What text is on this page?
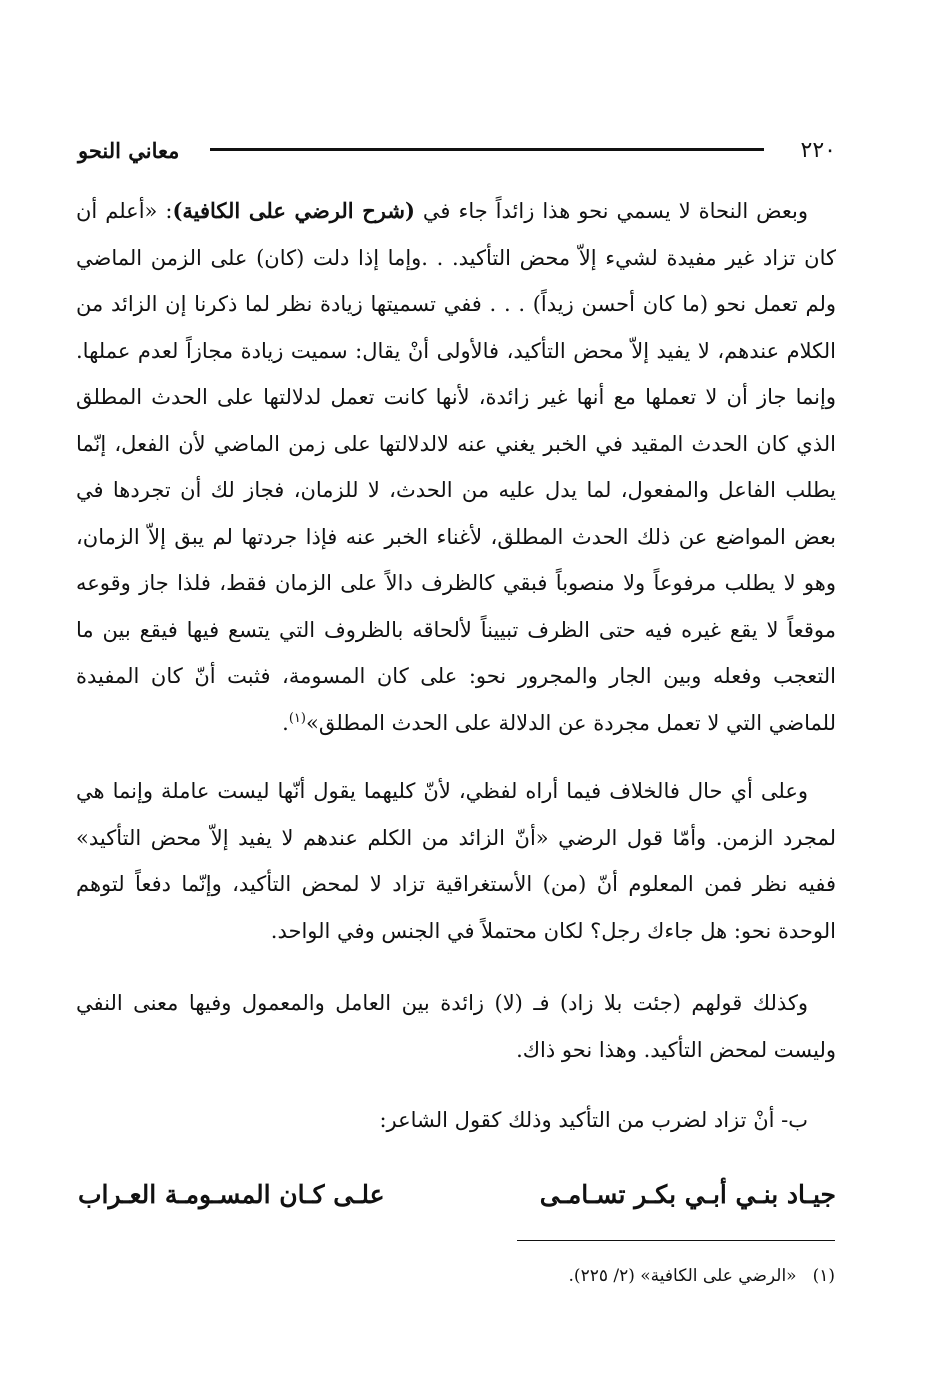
٢٢٠
معاني النحو

وبعض النحاة لا يسمي نحو هذا زائداً جاء في (شرح الرضي على الكافية): «أعلم أن كان تزاد غير مفيدة لشيء إلاّ محض التأكيد. . .وإما إذا دلت (كان) على الزمن الماضي ولم تعمل نحو (ما كان أحسن زيداً) . . . ففي تسميتها زيادة نظر لما ذكرنا إن الزائد من الكلام عندهم، لا يفيد إلاّ محض التأكيد، فالأولى أنْ يقال: سميت زيادة مجازاً لعدم عملها. وإنما جاز أن لا تعملها مع أنها غير زائدة، لأنها كانت تعمل لدلالتها على الحدث المطلق الذي كان الحدث المقيد في الخبر يغني عنه لالدلالتها على زمن الماضي لأن الفعل، إنّما يطلب الفاعل والمفعول، لما يدل عليه من الحدث، لا للزمان، فجاز لك أن تجردها في بعض المواضع عن ذلك الحدث المطلق، لأغناء الخبر عنه فإذا جردتها لم يبق إلاّ الزمان، وهو لا يطلب مرفوعاً ولا منصوباً فبقي كالظرف دالاً على الزمان فقط، فلذا جاز وقوعه موقعاً لا يقع غيره فيه حتى الظرف تبييناً لألحاقه بالظروف التي يتسع فيها فيقع بين ما التعجب وفعله وبين الجار والمجرور نحو: على كان المسومة، فثبت أنّ كان المفيدة للماضي التي لا تعمل مجردة عن الدلالة على الحدث المطلق»$^{(١)}$.

وعلى أي حال فالخلاف فيما أراه لفظي، لأنّ كليهما يقول أنّها ليست عاملة وإنما هي لمجرد الزمن. وأمّا قول الرضي «أنّ الزائد من الكلم عندهم لا يفيد إلاّ محض التأكيد» ففيه نظر فمن المعلوم أنّ (من) الأستغراقية تزاد لا لمحض التأكيد، وإنّما دفعاً لتوهم الوحدة نحو: هل جاءك رجل؟ لكان محتملاً في الجنس وفي الواحد.

وكذلك قولهم (جئت بلا زاد) فـ (لا) زائدة بين العامل والمعمول وفيها معنى النفي وليست لمحض التأكيد. وهذا نحو ذاك.

ب- أنْ تزاد لضرب من التأكيد وذلك كقول الشاعر:

جيـاد بنـي أبـي بكـر تسـامـى
علـى كـان المسـومـة العـراب
(١)«الرضي على الكافية» (٢/ ٢٢٥).
